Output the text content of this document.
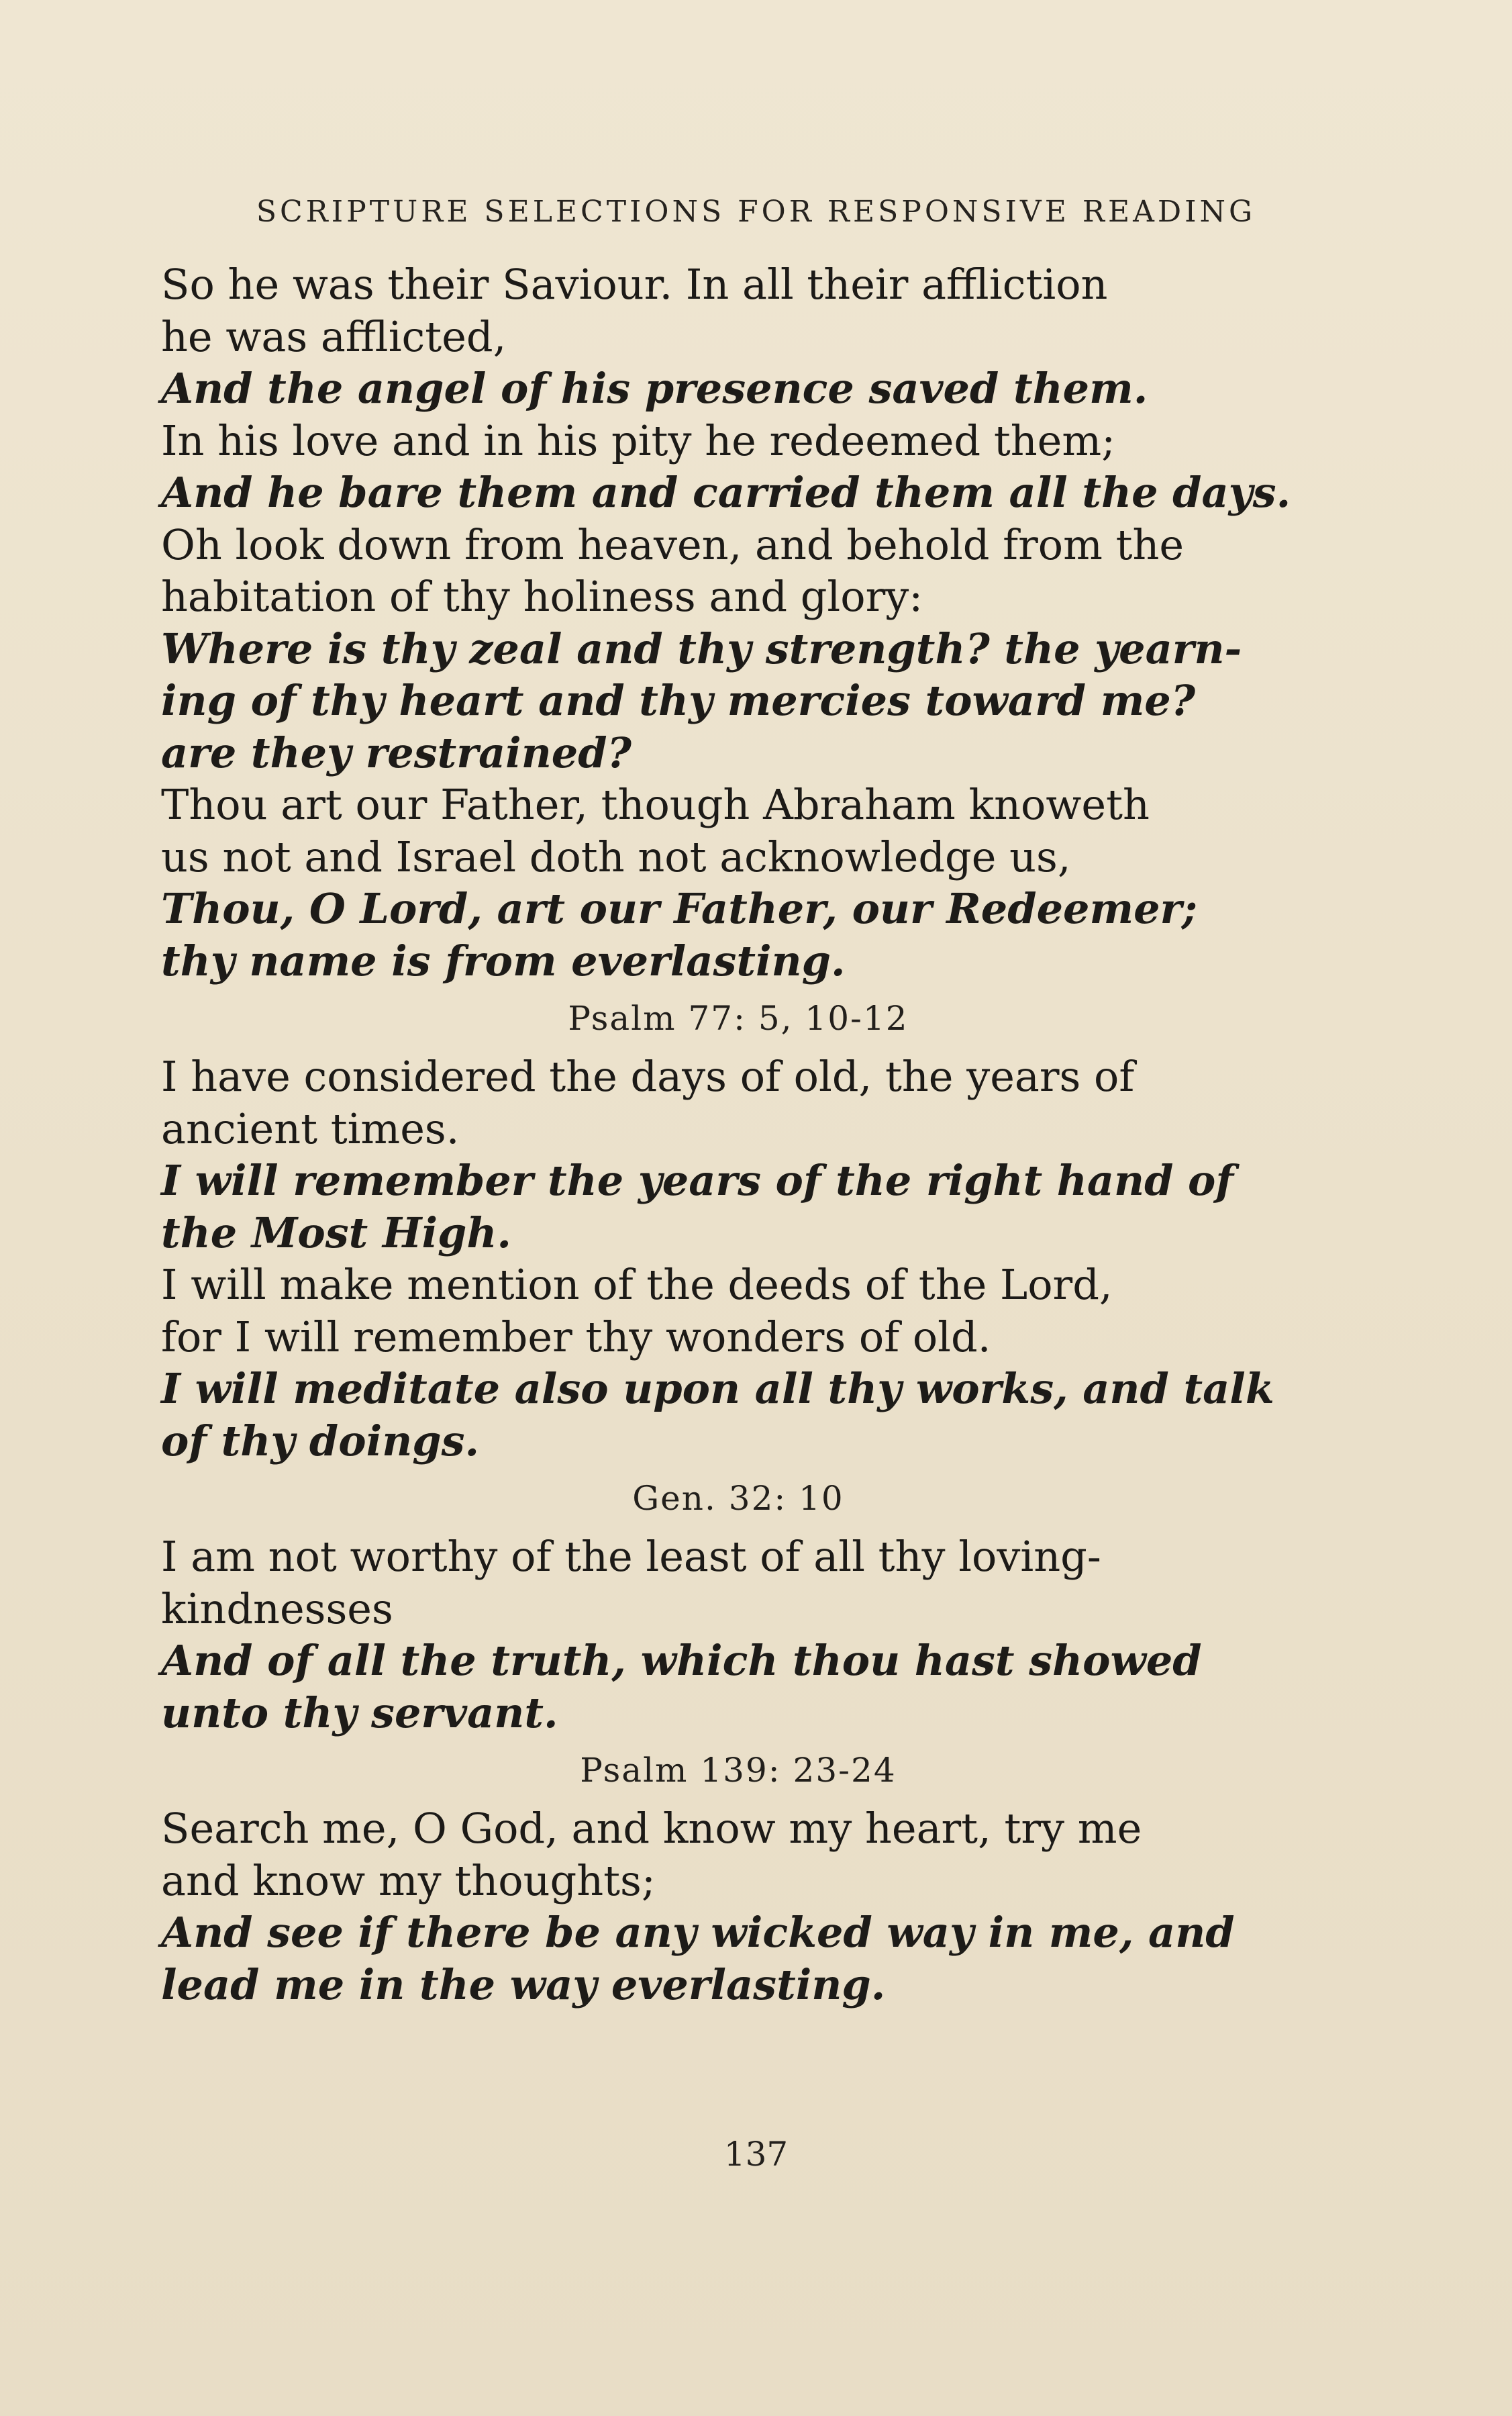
SCRIPTURE SELECTIONS FOR RESPONSIVE READING

So he was their Saviour. In all their affliction

he was afflicted,

And the angel of his presence saved them.

In his love and in his pity he redeemed them;

And he bare them and carried them all the days.

Oh look down from heaven, and behold from the

habitation of thy holiness and glory:

Where is thy zeal and thy strength? the yearn-

ing of thy heart and thy mercies toward me?

are they restrained?

Thou art our Father, though Abraham knoweth

us not and Israel doth not acknowledge us,

Thou, O Lord, art our Father, our Redeemer;

thy name is from everlasting.

Psalm 77: 5, 10-12

I have considered the days of old, the years of

ancient times.

I will remember the years of the right hand of

the Most High.

I will make mention of the deeds of the Lord,

for I will remember thy wonders of old.

I will meditate also upon all thy works, and talk

of thy doings.

Gen. 32: 10

I am not worthy of the least of all thy loving-

kindnesses

And of all the truth, which thou hast showed

unto thy servant.

Psalm 139: 23-24

Search me, O God, and know my heart, try me

and know my thoughts;

And see if there be any wicked way in me, and

lead me in the way everlasting.

137
